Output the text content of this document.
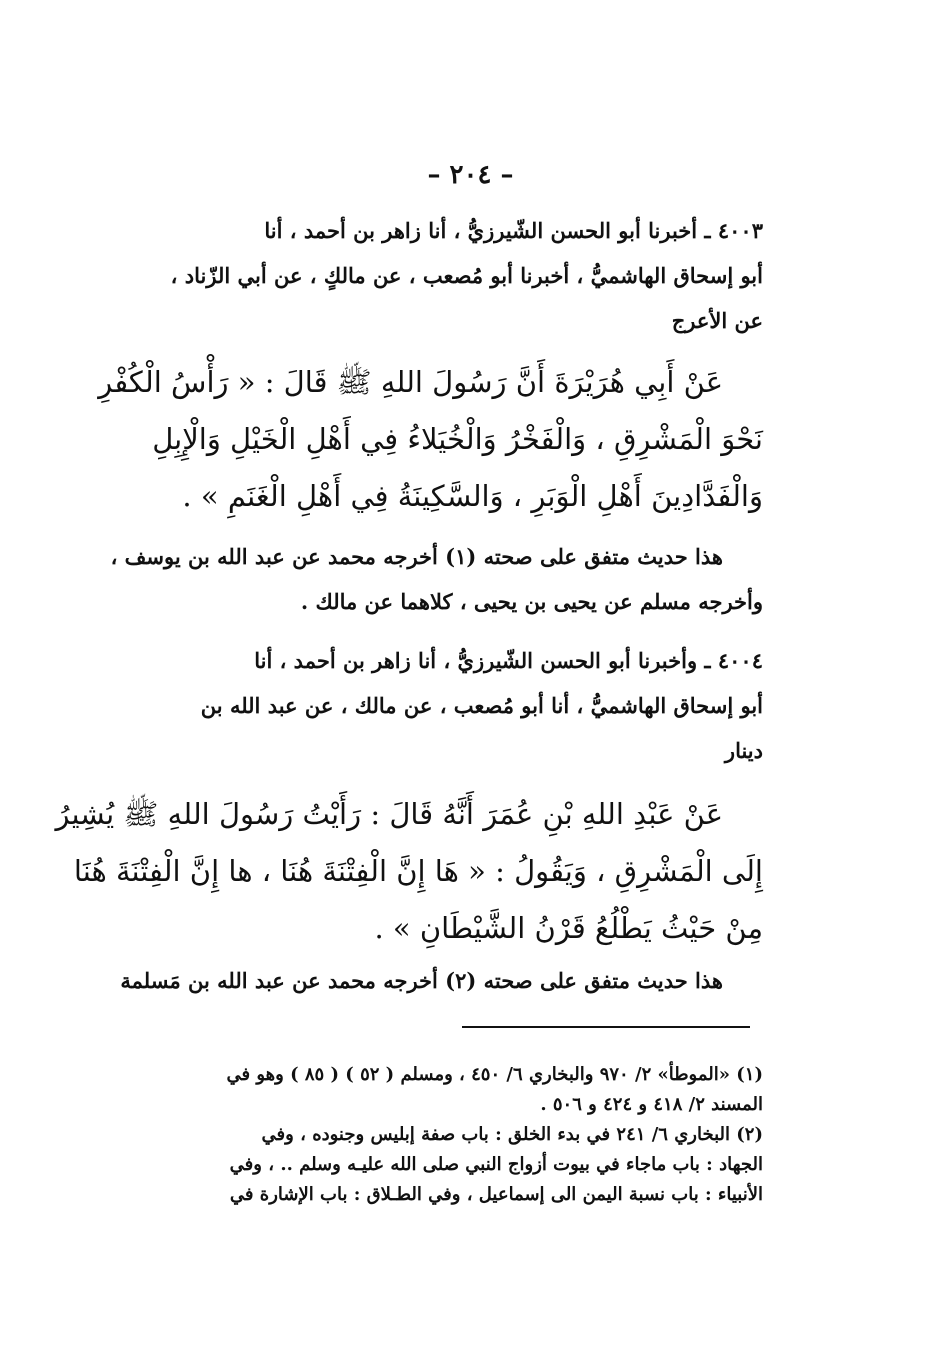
– ٢٠٤ –
٤٠٠٣ ـ أخبرنا أبو الحسن الشّيرزيُّ ، أنا زاهر بن أحمد ، أنا
أبو إسحاق الهاشميُّ ، أخبرنا أبو مُصعب ، عن مالكٍ ، عن أبي الزّناد ،
عن الأعرج
عَنْ أَبِي هُرَيْرَةَ أَنَّ رَسُولَ اللهِ ﷺ قَالَ : « رَأْسُ الْكُفْرِ
نَحْوَ الْمَشْرِقِ ، وَالْفَخْرُ وَالْخُيَلاءُ فِي أَهْلِ الْخَيْلِ وَالْإِبِلِ
وَالْفَدَّادِينَ أَهْلِ الْوَبَرِ ، وَالسَّكِينَةُ فِي أَهْلِ الْغَنَمِ » .
هذا حديث متفق على صحته (١) أخرجه محمد عن عبد الله بن يوسف ،
وأخرجه مسلم عن يحيى بن يحيى ، كلاهما عن مالك .
٤٠٠٤ ـ وأخبرنا أبو الحسن الشّيرزيُّ ، أنا زاهر بن أحمد ، أنا
أبو إسحاق الهاشميُّ ، أنا أبو مُصعب ، عن مالك ، عن عبد الله بن
دينار
عَنْ عَبْدِ اللهِ بْنِ عُمَرَ أَنَّهُ قَالَ : رَأَيْتُ رَسُولَ اللهِ ﷺ يُشِيرُ
إِلَى الْمَشْرِقِ ، وَيَقُولُ : « هَا إِنَّ الْفِتْنَةَ هُنَا ، ها إِنَّ الْفِتْنَةَ هُنَا
مِنْ حَيْثُ يَطْلُعُ قَرْنُ الشَّيْطَانِ » .
هذا حديث متفق على صحته (٢) أخرجه محمد عن عبد الله بن مَسلمة
(١) «الموطأ» ٢/ ٩٧٠ والبخاري ٦/ ٤٥٠ ، ومسلم ( ٥٢ ) ( ٨٥ ) وهو في
المسند ٢/ ٤١٨ و ٤٢٤ و ٥٠٦ .
(٢) البخاري ٦/ ٢٤١ في بدء الخلق : باب صفة إبليس وجنوده ، وفي
الجهاد : باب ماجاء في بيوت أزواج النبي صلى الله عليـه وسلم .. ، وفي
الأنبياء : باب نسبة اليمن الى إسماعيل ، وفي الطـلاق : باب الإشارة في
